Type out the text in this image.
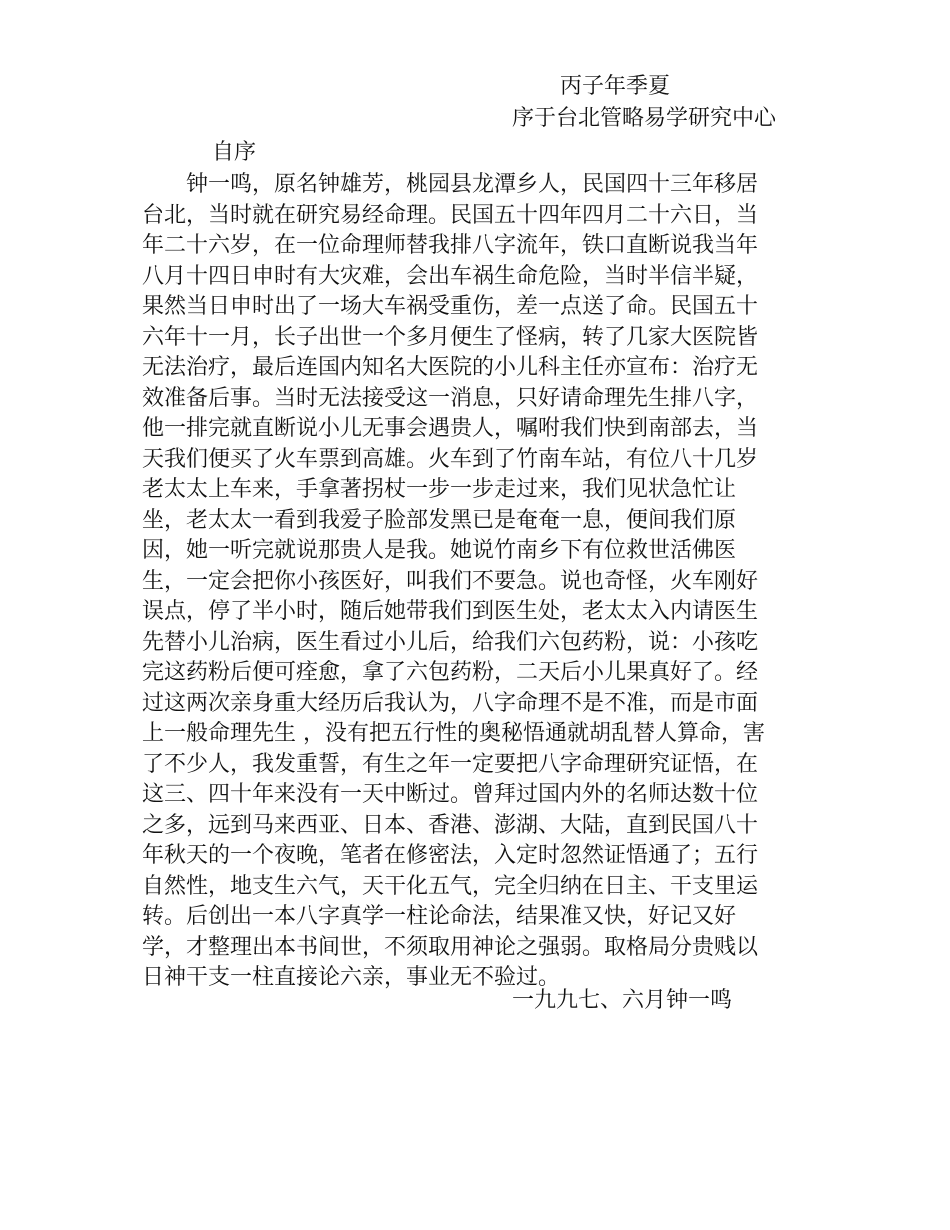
丙子年季夏
序于台北管略易学研究中心
自序
钟一鸣，原名钟雄芳，桃园县龙潭乡人，民国四十三年移居
台北，当时就在研究易经命理。民国五十四年四月二十六日，当
年二十六岁，在一位命理师替我排八字流年，铁口直断说我当年
八月十四日申时有大灾难，会出车祸生命危险，当时半信半疑，
果然当日申时出了一场大车祸受重伤，差一点送了命。民国五十
六年十一月，长子出世一个多月便生了怪病，转了几家大医院皆
无法治疗，最后连国内知名大医院的小儿科主任亦宣布：治疗无
效准备后事。当时无法接受这一消息，只好请命理先生排八字，
他一排完就直断说小儿无事会遇贵人，嘱咐我们快到南部去，当
天我们便买了火车票到高雄。火车到了竹南车站，有位八十几岁
老太太上车来，手拿著拐杖一步一步走过来，我们见状急忙让
坐，老太太一看到我爱子脸部发黑已是奄奄一息，便间我们原
因，她一听完就说那贵人是我。她说竹南乡下有位救世活佛医
生，一定会把你小孩医好，叫我们不要急。说也奇怪，火车刚好
误点，停了半小时，随后她带我们到医生处，老太太入内请医生
先替小儿治病，医生看过小儿后，给我们六包药粉，说：小孩吃
完这药粉后便可痊愈，拿了六包药粉，二天后小儿果真好了。经
过这两次亲身重大经历后我认为，八字命理不是不准，而是市面
上一般命理先生 ，没有把五行性的奥秘悟通就胡乱替人算命，害
了不少人，我发重誓，有生之年一定要把八字命理研究证悟，在
这三、四十年来没有一天中断过。曾拜过国内外的名师达数十位
之多，远到马来西亚、日本、香港、澎湖、大陆，直到民国八十
年秋天的一个夜晚，笔者在修密法，入定时忽然证悟通了；五行
自然性，地支生六气，天干化五气，完全归纳在日主、干支里运
转。后创出一本八字真学一柱论命法，结果准又快，好记又好
学，才整理出本书间世，不须取用神论之强弱。取格局分贵贱以
日神干支一柱直接论六亲，事业无不验过。
一九九七、六月钟一鸣
